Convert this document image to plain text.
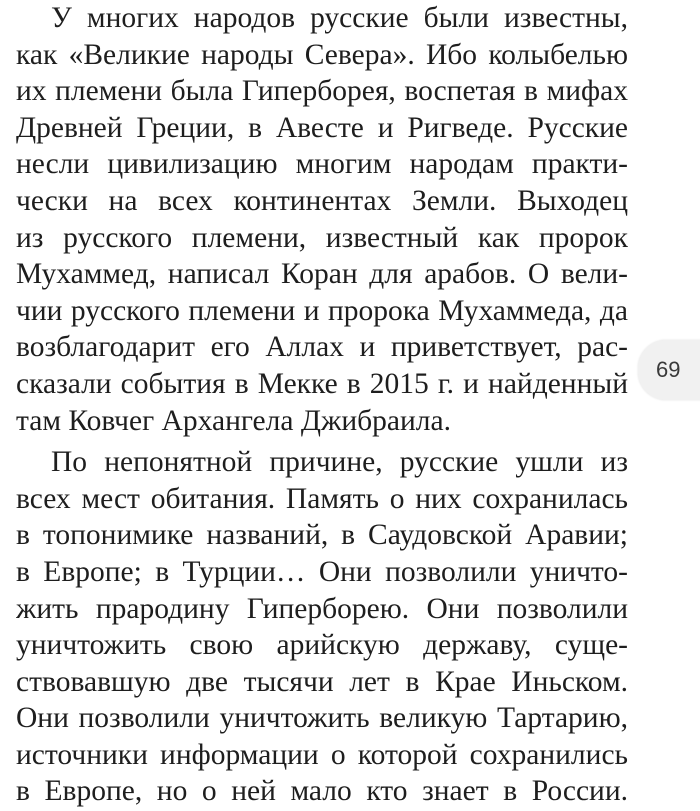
У многих народов русские были известны,
как «Великие народы Севера». Ибо колыбелью
их племени была Гиперборея, воспетая в мифах
Древней Греции, в Авесте и Ригведе. Русские
несли цивилизацию многим народам практи-
чески на всех континентах Земли. Выходец
из русского племени, известный как пророк
Мухаммед, написал Коран для арабов. О вели-
чии русского племени и пророка Мухаммеда, да
возблагодарит его Аллах и приветствует, рас-
сказали события в Мекке в 2015 г. и найденный
там Ковчег Архангела Джибраила.
По непонятной причине, русские ушли из
всех мест обитания. Память о них сохранилась
в топонимике названий, в Саудовской Аравии;
в Европе; в Турции… Они позволили уничто-
жить прародину Гиперборею. Они позволили
уничтожить свою арийскую державу, суще-
ствовавшую две тысячи лет в Крае Иньском.
Они позволили уничтожить великую Тартарию,
источники информации о которой сохранились
в Европе, но о ней мало кто знает в России.
69
